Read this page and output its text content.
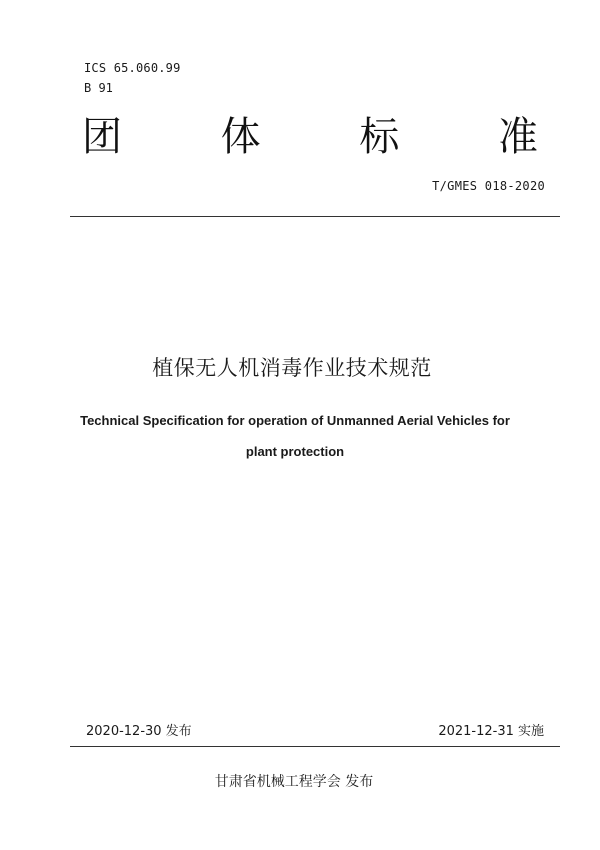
ICS 65.060.99
B 91
团 体 标 准
T/GMES 018-2020
植保无人机消毒作业技术规范
Technical Specification for operation of Unmanned Aerial Vehicles for
plant protection
2020-12-30 发布	2021-12-31 实施
甘肃省机械工程学会 发布
